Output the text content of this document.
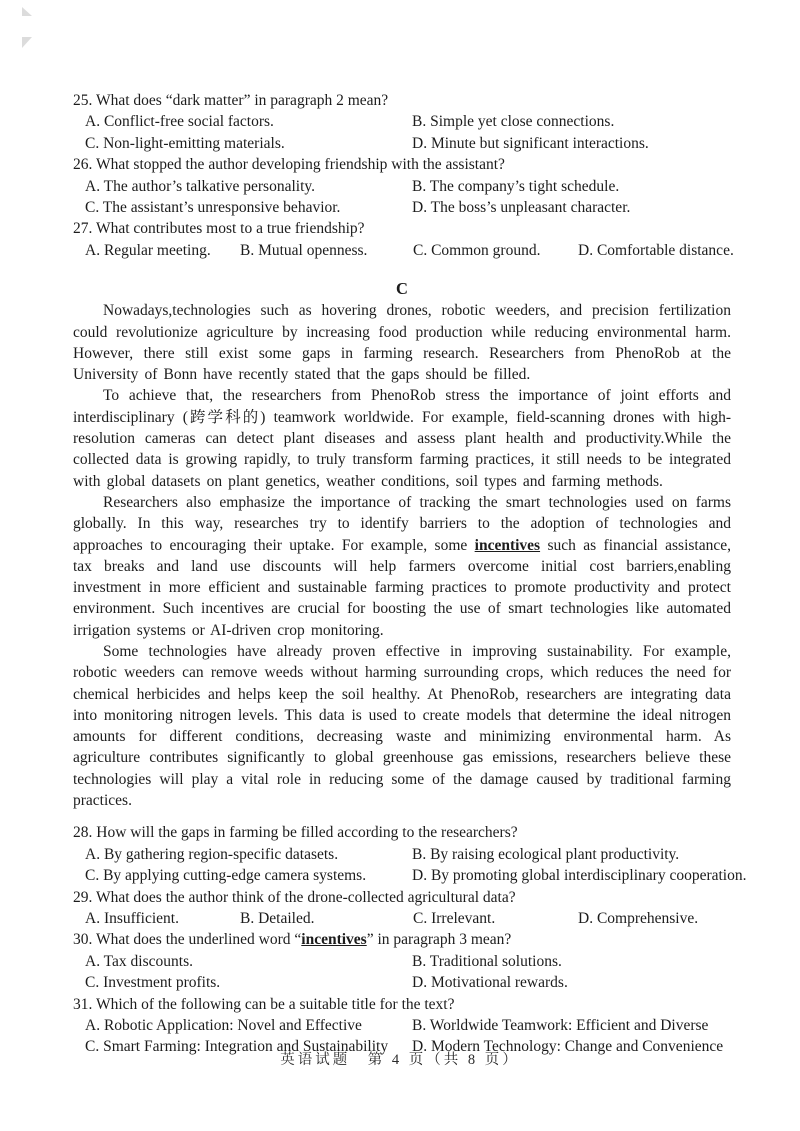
25. What does “dark matter” in paragraph 2 mean?
A. Conflict-free social factors.	B. Simple yet close connections.
C. Non-light-emitting materials.	D. Minute but significant interactions.
26. What stopped the author developing friendship with the assistant?
A. The author’s talkative personality.	B. The company’s tight schedule.
C. The assistant’s unresponsive behavior.	D. The boss’s unpleasant character.
27. What contributes most to a true friendship?
A. Regular meeting.	B. Mutual openness.	C. Common ground.	D. Comfortable distance.
C

Nowadays,technologies such as hovering drones, robotic weeders, and precision fertilization could revolutionize agriculture by increasing food production while reducing environmental harm. However, there still exist some gaps in farming research. Researchers from PhenoRob at the University of Bonn have recently stated that the gaps should be filled.

To achieve that, the researchers from PhenoRob stress the importance of joint efforts and interdisciplinary (跨学科的) teamwork worldwide. For example, field-scanning drones with high-resolution cameras can detect plant diseases and assess plant health and productivity.While the collected data is growing rapidly, to truly transform farming practices, it still needs to be integrated with global datasets on plant genetics, weather conditions, soil types and farming methods.

Researchers also emphasize the importance of tracking the smart technologies used on farms globally. In this way, researches try to identify barriers to the adoption of technologies and approaches to encouraging their uptake. For example, some incentives such as financial assistance, tax breaks and land use discounts will help farmers overcome initial cost barriers,enabling investment in more efficient and sustainable farming practices to promote productivity and protect environment. Such incentives are crucial for boosting the use of smart technologies like automated irrigation systems or AI-driven crop monitoring.

Some technologies have already proven effective in improving sustainability. For example, robotic weeders can remove weeds without harming surrounding crops, which reduces the need for chemical herbicides and helps keep the soil healthy. At PhenoRob, researchers are integrating data into monitoring nitrogen levels. This data is used to create models that determine the ideal nitrogen amounts for different conditions, decreasing waste and minimizing environmental harm. As agriculture contributes significantly to global greenhouse gas emissions, researchers believe these technologies will play a vital role in reducing some of the damage caused by traditional farming practices.

28. How will the gaps in farming be filled according to the researchers?
A. By gathering region-specific datasets.	B. By raising ecological plant productivity.
C. By applying cutting-edge camera systems.	D. By promoting global interdisciplinary cooperation.
29. What does the author think of the drone-collected agricultural data?
A. Insufficient.	B. Detailed.	C. Irrelevant.	D. Comprehensive.
30. What does the underlined word “incentives” in paragraph 3 mean?
A. Tax discounts.	B. Traditional solutions.
C. Investment profits.	D. Motivational rewards.
31. Which of the following can be a suitable title for the text?
A. Robotic Application: Novel and Effective	B. Worldwide Teamwork: Efficient and Diverse
C. Smart Farming: Integration and Sustainability	D. Modern Technology: Change and Convenience
英语试题　第 4 页（共 8 页）
